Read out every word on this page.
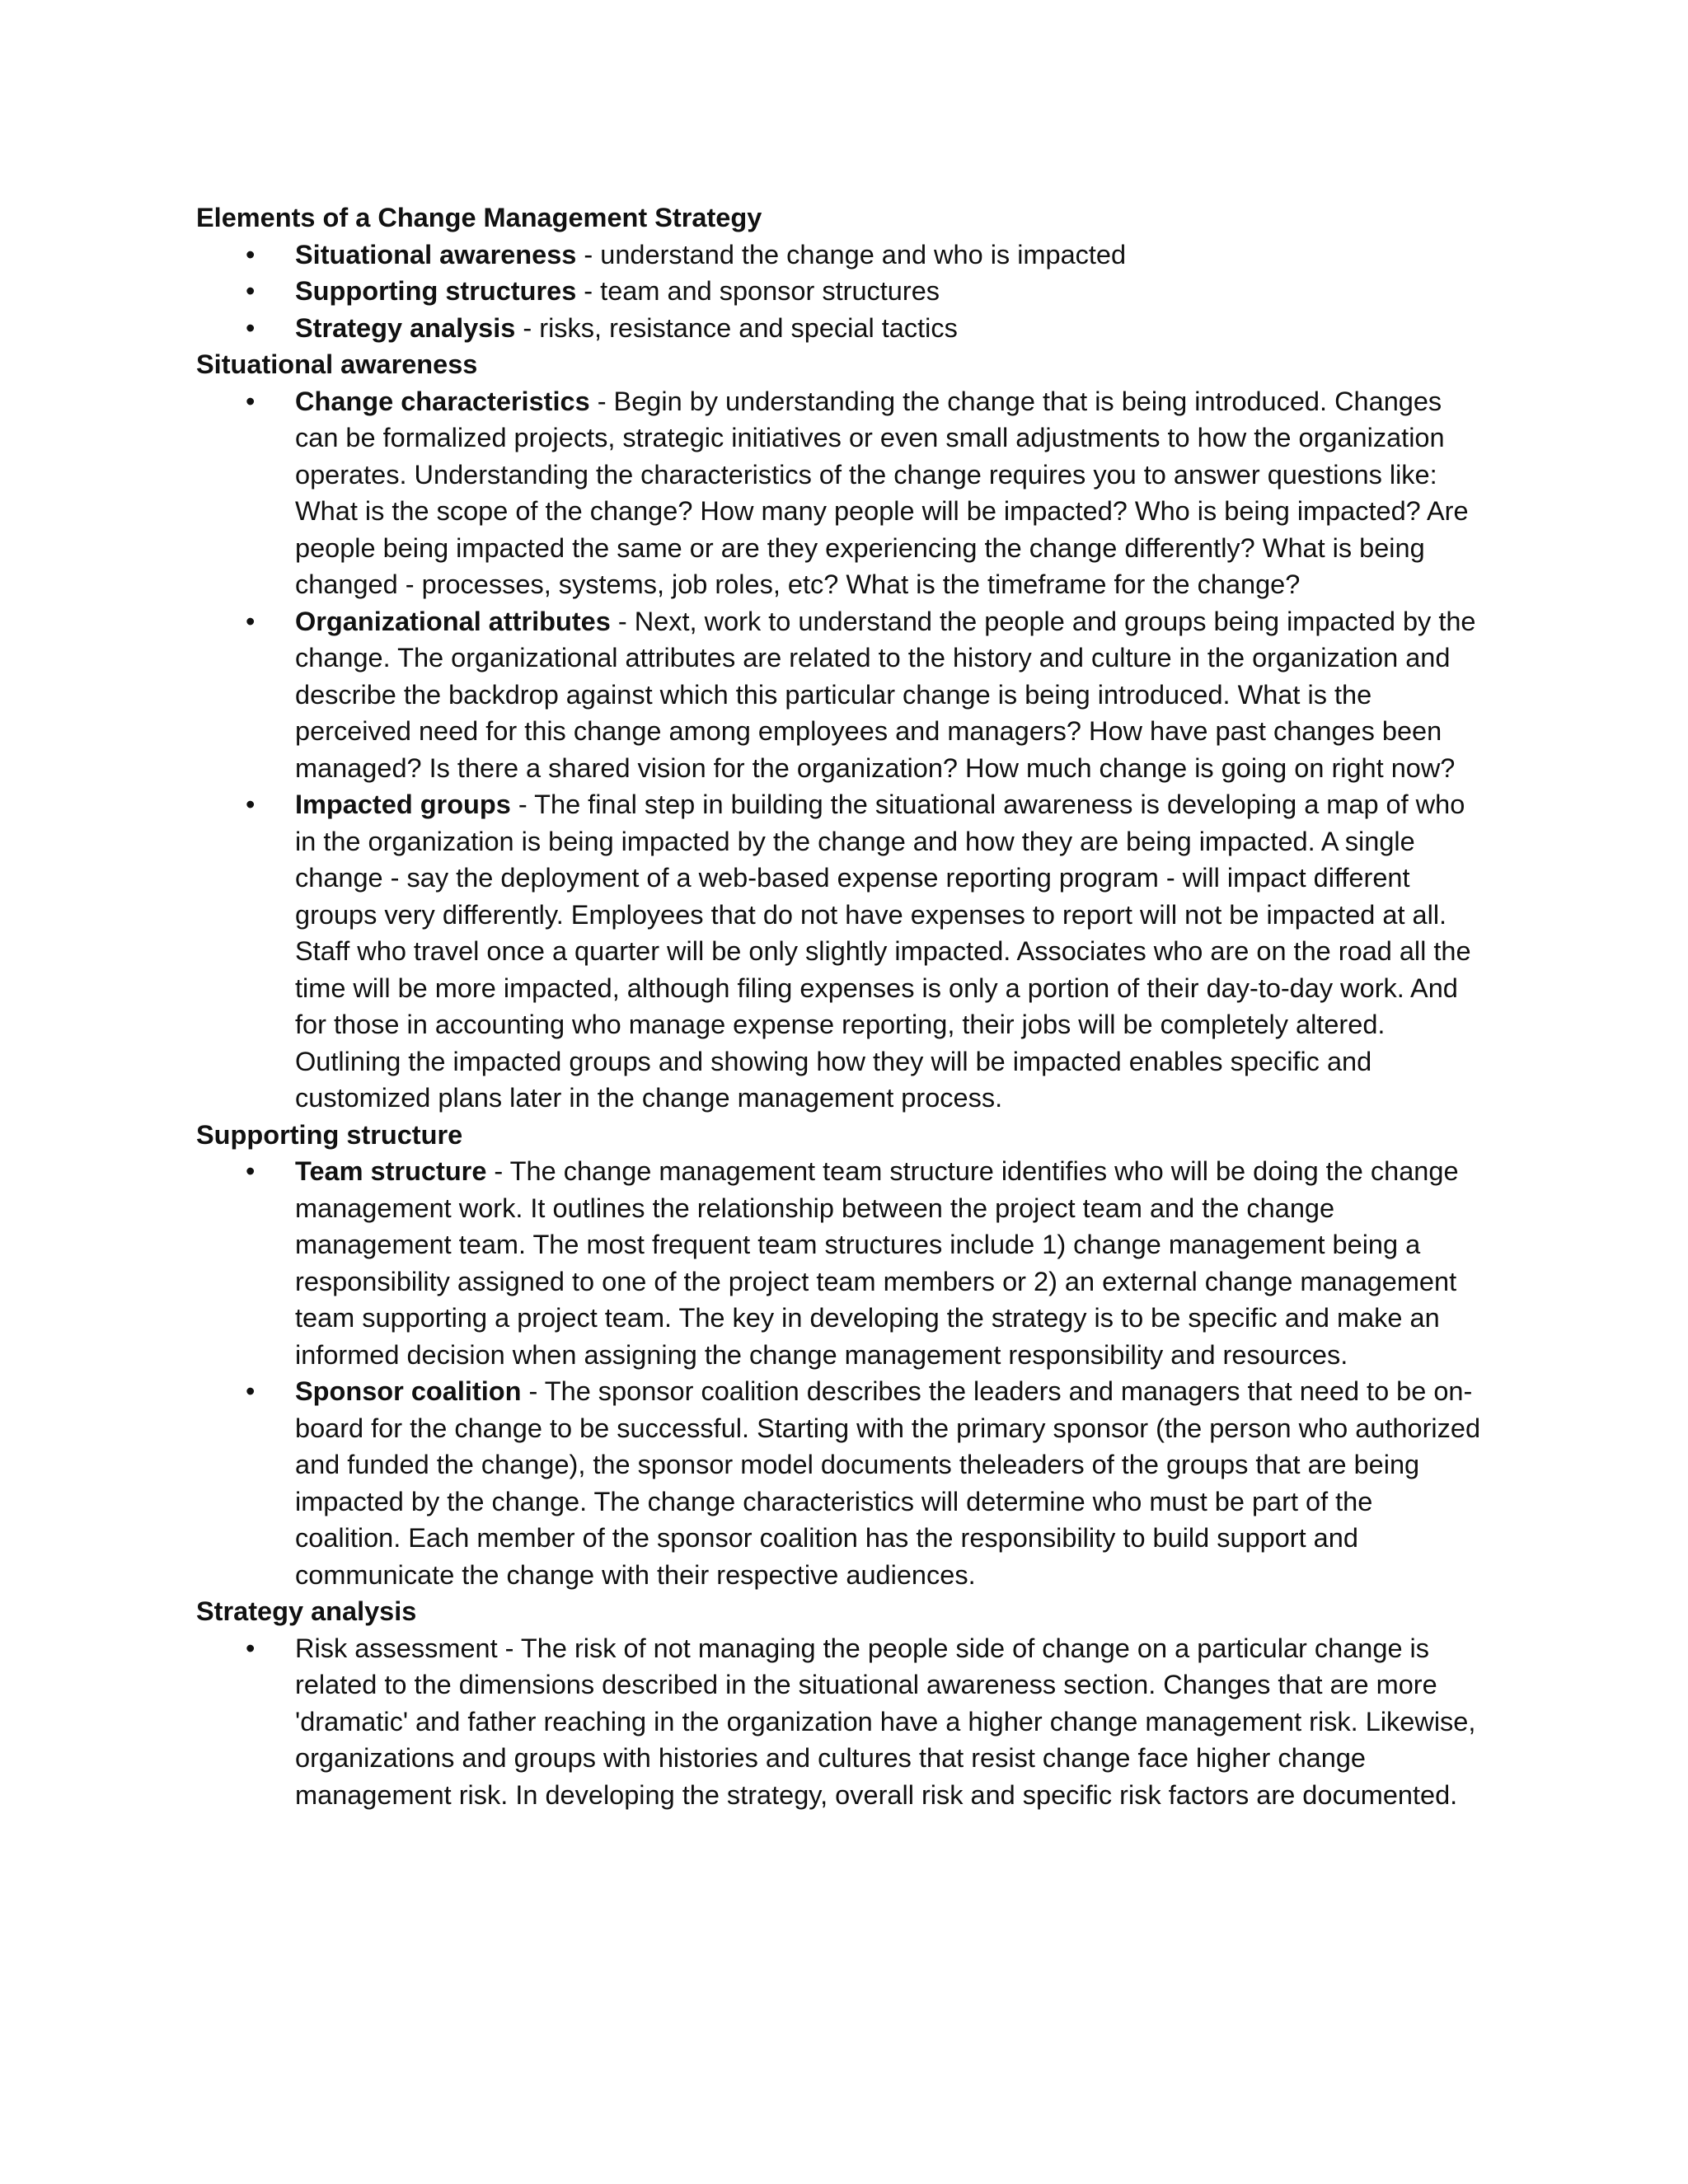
Elements of a Change Management Strategy

•	Situational awareness - understand the change and who is impacted
•	Supporting structures - team and sponsor structures
•	Strategy analysis - risks, resistance and special tactics

Situational awareness

•	Change characteristics - Begin by understanding the change that is being introduced. Changes can be formalized projects, strategic initiatives or even small adjustments to how the organization operates. Understanding the characteristics of the change requires you to answer questions like: What is the scope of the change? How many people will be impacted? Who is being impacted? Are people being impacted the same or are they experiencing the change differently? What is being changed - processes, systems, job roles, etc? What is the timeframe for the change?
•	Organizational attributes - Next, work to understand the people and groups being impacted by the change. The organizational attributes are related to the history and culture in the organization and describe the backdrop against which this particular change is being introduced. What is the perceived need for this change among employees and managers? How have past changes been managed? Is there a shared vision for the organization? How much change is going on right now?
•	Impacted groups - The final step in building the situational awareness is developing a map of who in the organization is being impacted by the change and how they are being impacted. A single change - say the deployment of a web-based expense reporting program - will impact different groups very differently. Employees that do not have expenses to report will not be impacted at all. Staff who travel once a quarter will be only slightly impacted. Associates who are on the road all the time will be more impacted, although filing expenses is only a portion of their day-to-day work. And for those in accounting who manage expense reporting, their jobs will be completely altered. Outlining the impacted groups and showing how they will be impacted enables specific and customized plans later in the change management process.

Supporting structure

•	Team structure - The change management team structure identifies who will be doing the change management work. It outlines the relationship between the project team and the change management team. The most frequent team structures include 1) change management being a responsibility assigned to one of the project team members or 2) an external change management team supporting a project team. The key in developing the strategy is to be specific and make an informed decision when assigning the change management responsibility and resources.
•	Sponsor coalition - The sponsor coalition describes the leaders and managers that need to be on-board for the change to be successful. Starting with the primary sponsor (the person who authorized and funded the change), the sponsor model documents theleaders of the groups that are being impacted by the change. The change characteristics will determine who must be part of the coalition. Each member of the sponsor coalition has the responsibility to build support and communicate the change with their respective audiences.

Strategy analysis

•	Risk assessment - The risk of not managing the people side of change on a particular change is related to the dimensions described in the situational awareness section. Changes that are more 'dramatic' and father reaching in the organization have a higher change management risk. Likewise, organizations and groups with histories and cultures that resist change face higher change management risk. In developing the strategy, overall risk and specific risk factors are documented.
